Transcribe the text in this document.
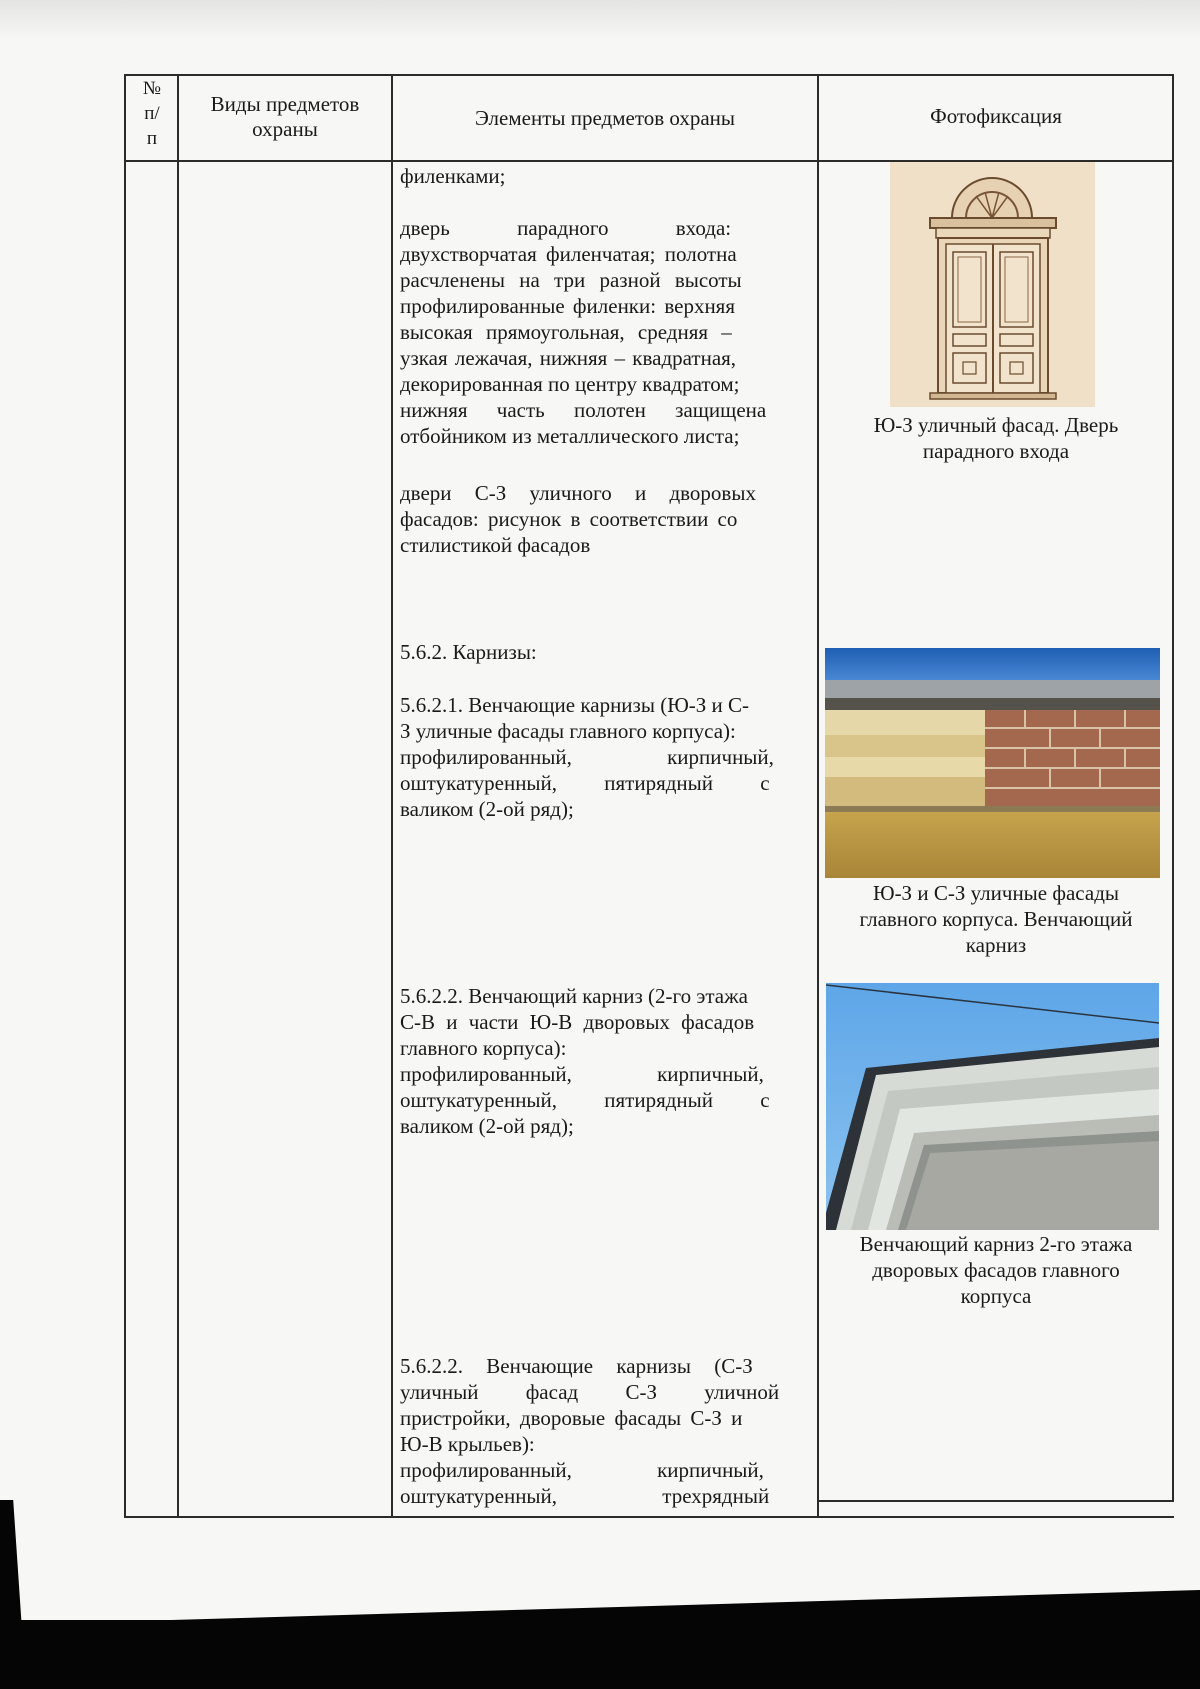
№
п/
п
Виды предметов
охраны	Элементы предметов охраны	Фотофиксация
филенками;
дверь парадного входа:
двухстворчатая филенчатая; полотна
расчленены на три разной высоты
профилированные филенки: верхняя
высокая прямоугольная, средняя –
узкая лежачая, нижняя – квадратная,
декорированная по центру квадратом;
нижняя часть полотен защищена
отбойником из металлического листа;
двери С-З уличного и дворовых
фасадов: рисунок в соответствии со
стилистикой фасадов
5.6.2. Карнизы:
5.6.2.1. Венчающие карнизы (Ю-З и С-
З уличные фасады главного корпуса):
профилированный, кирпичный,
оштукатуренный, пятирядный с
валиком (2-ой ряд);
5.6.2.2. Венчающий карниз (2-го этажа
С-В и части Ю-В дворовых фасадов
главного корпуса):
профилированный, кирпичный,
оштукатуренный, пятирядный с
валиком (2-ой ряд);
5.6.2.2. Венчающие карнизы (С-З
уличный фасад С-З уличной
пристройки, дворовые фасады С-З и
Ю-В крыльев):
профилированный, кирпичный,
оштукатуренный, трехрядный
Ю-З уличный фасад. Дверь
парадного входа
Ю-З и С-З уличные фасады
главного корпуса. Венчающий
карниз
Венчающий карниз 2-го этажа
дворовых фасадов главного
корпуса
